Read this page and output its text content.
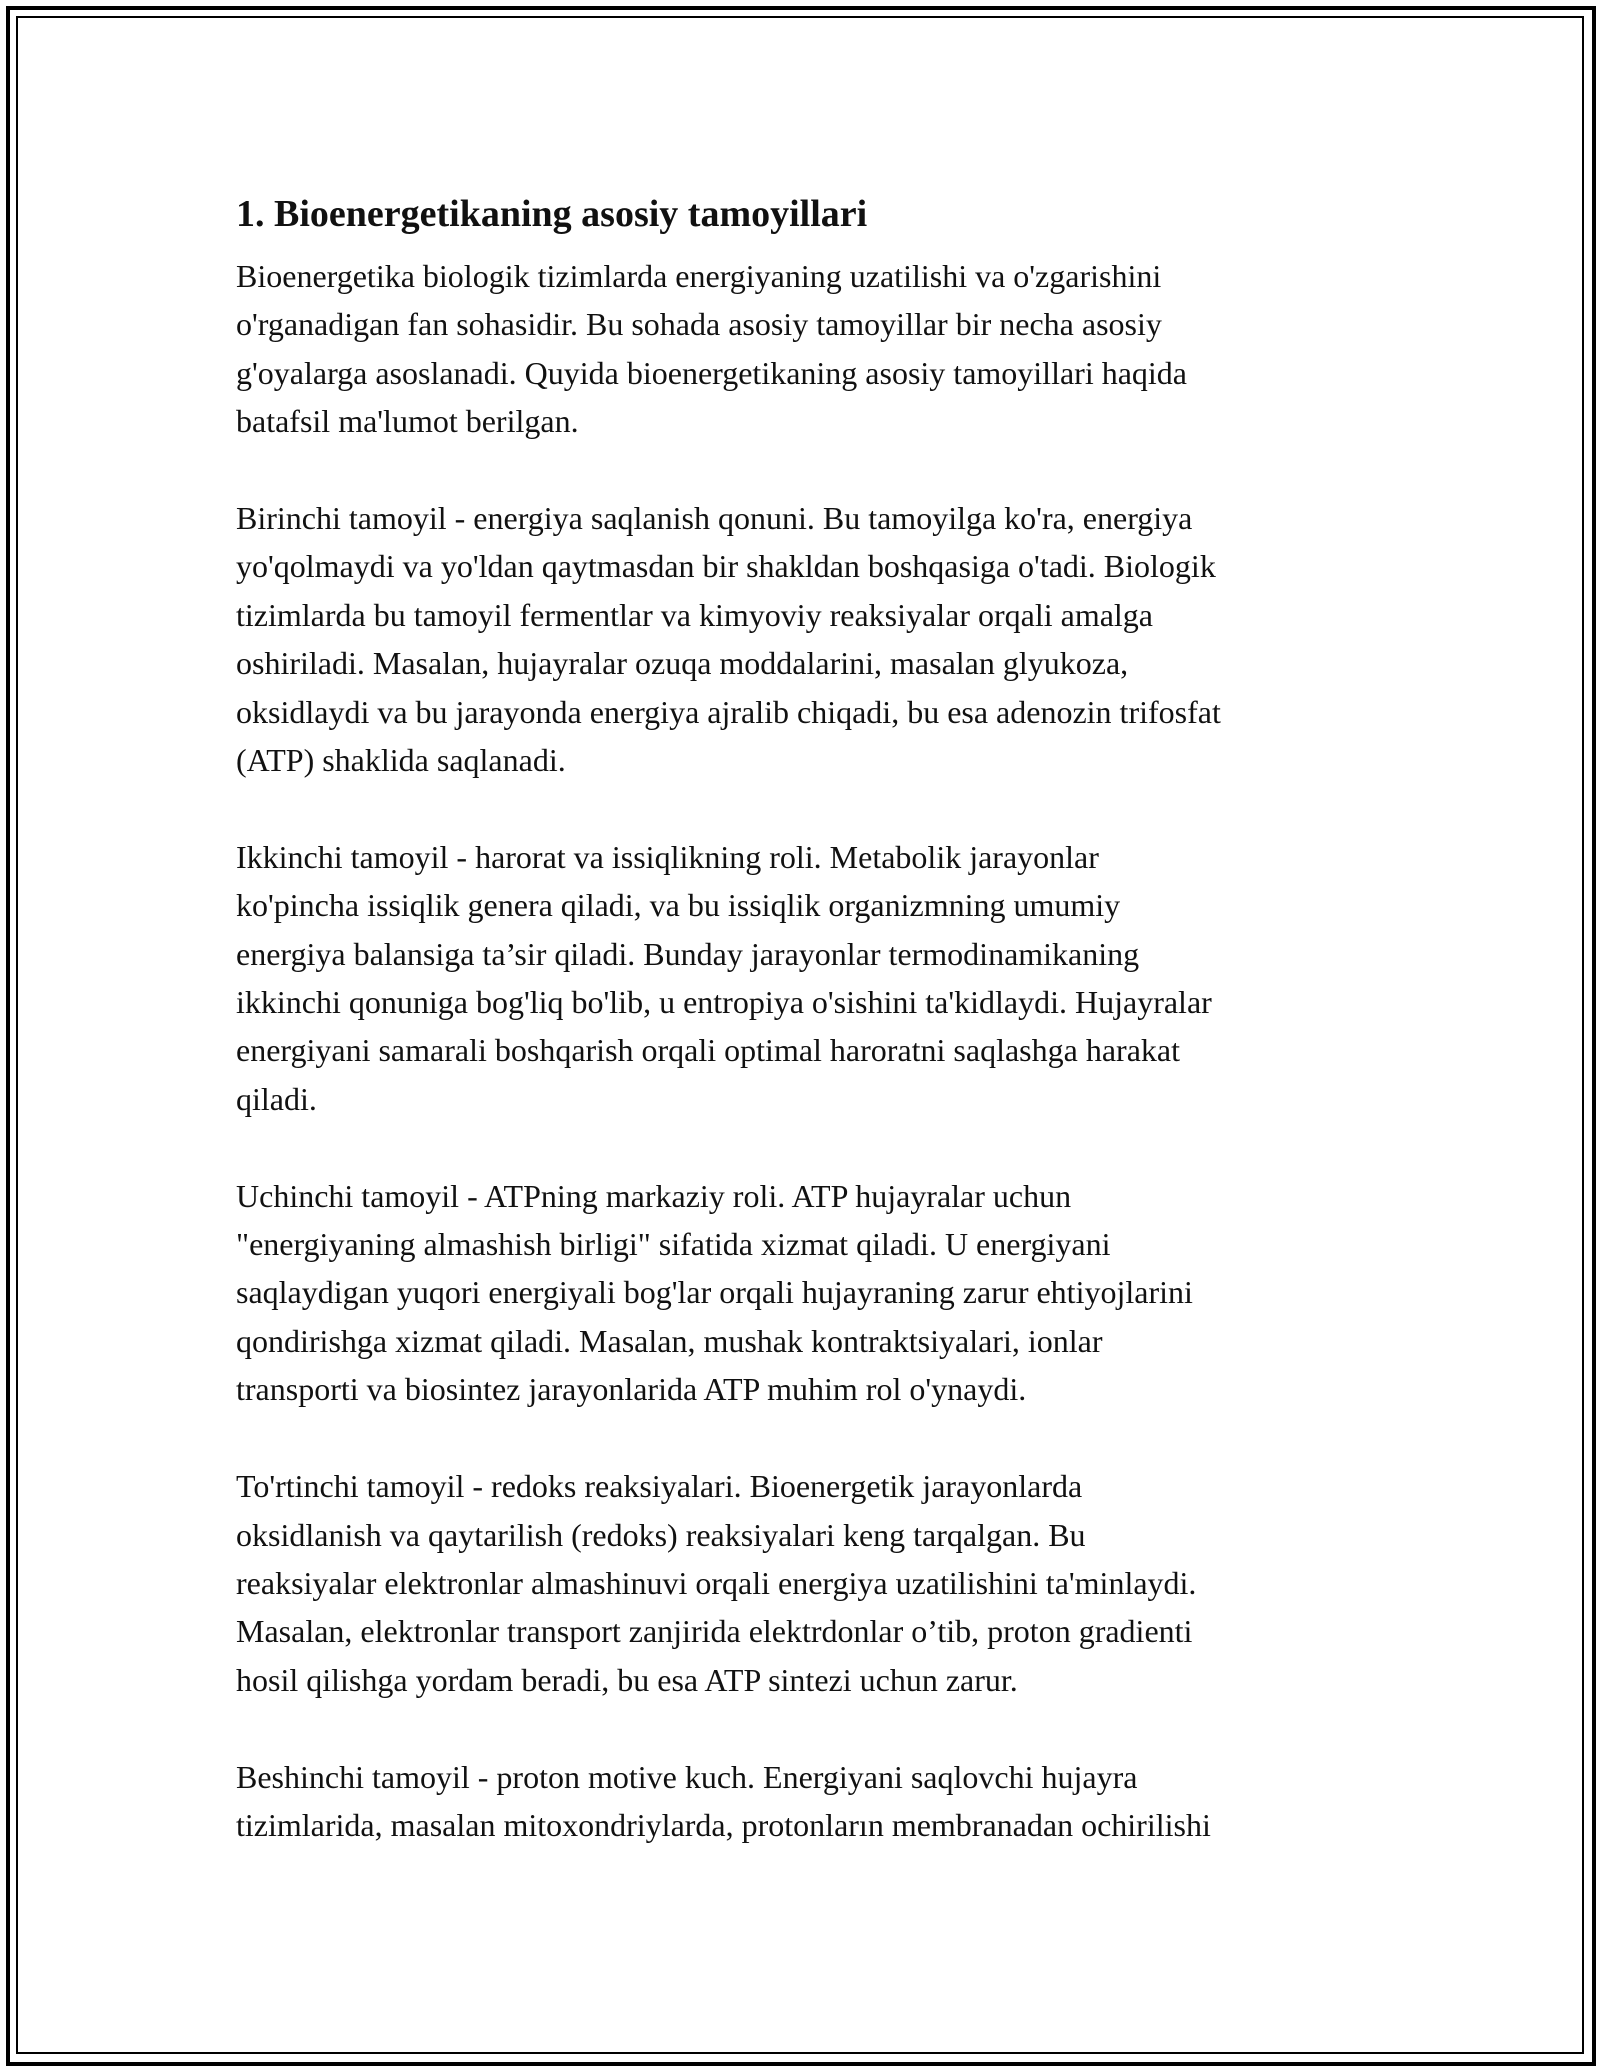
1. Bioenergetikaning asosiy tamoyillari

Bioenergetika biologik tizimlarda energiyaning uzatilishi va o'zgarishini
o'rganadigan fan sohasidir. Bu sohada asosiy tamoyillar bir necha asosiy
g'oyalarga asoslanadi. Quyida bioenergetikaning asosiy tamoyillari haqida
batafsil ma'lumot berilgan.

Birinchi tamoyil - energiya saqlanish qonuni. Bu tamoyilga ko'ra, energiya
yo'qolmaydi va yo'ldan qaytmasdan bir shakldan boshqasiga o'tadi. Biologik
tizimlarda bu tamoyil fermentlar va kimyoviy reaksiyalar orqali amalga
oshiriladi. Masalan, hujayralar ozuqa moddalarini, masalan glyukoza,
oksidlaydi va bu jarayonda energiya ajralib chiqadi, bu esa adenozin trifosfat
(ATP) shaklida saqlanadi.

Ikkinchi tamoyil - harorat va issiqlikning roli. Metabolik jarayonlar
ko'pincha issiqlik genera qiladi, va bu issiqlik organizmning umumiy
energiya balansiga ta’sir qiladi. Bunday jarayonlar termodinamikaning
ikkinchi qonuniga bog'liq bo'lib, u entropiya o'sishini ta'kidlaydi. Hujayralar
energiyani samarali boshqarish orqali optimal haroratni saqlashga harakat
qiladi.

Uchinchi tamoyil - ATPning markaziy roli. ATP hujayralar uchun
"energiyaning almashish birligi" sifatida xizmat qiladi. U energiyani
saqlaydigan yuqori energiyali bog'lar orqali hujayraning zarur ehtiyojlarini
qondirishga xizmat qiladi. Masalan, mushak kontraktsiyalari, ionlar
transporti va biosintez jarayonlarida ATP muhim rol o'ynaydi.

To'rtinchi tamoyil - redoks reaksiyalari. Bioenergetik jarayonlarda
oksidlanish va qaytarilish (redoks) reaksiyalari keng tarqalgan. Bu
reaksiyalar elektronlar almashinuvi orqali energiya uzatilishini ta'minlaydi.
Masalan, elektronlar transport zanjirida elektrdonlar o’tib, proton gradienti
hosil qilishga yordam beradi, bu esa ATP sintezi uchun zarur.

Beshinchi tamoyil - proton motive kuch. Energiyani saqlovchi hujayra
tizimlarida, masalan mitoxondriylarda, protonların membranadan ochirilishi
